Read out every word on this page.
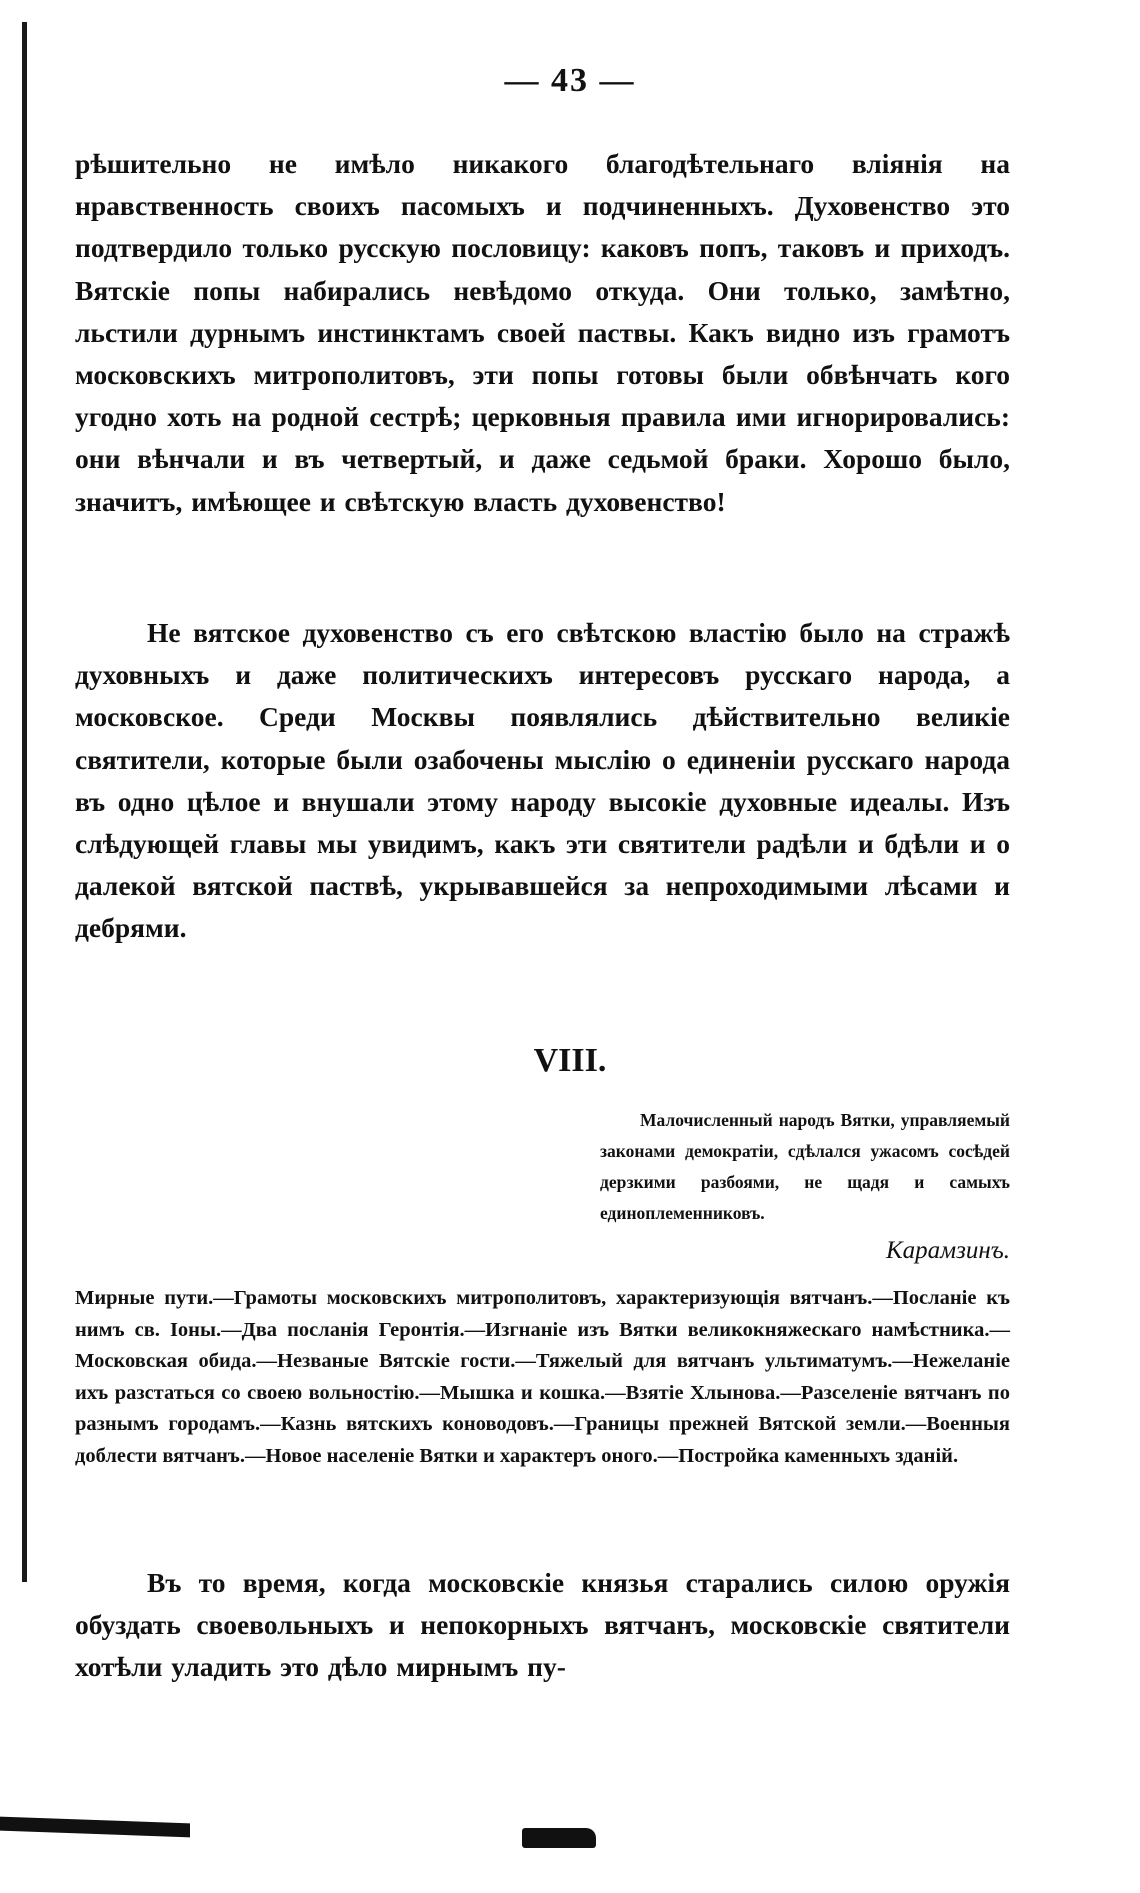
— 43 —

рѣшительно не имѣло никакого благодѣтельнаго вліянія на нравственность своихъ пасомыхъ и подчиненныхъ. Духовенство это подтвердило только русскую пословицу: каковъ попъ, таковъ и приходъ. Вятскіе попы набирались невѣдомо откуда. Они только, замѣтно, льстили дурнымъ инстинктамъ своей паствы. Какъ видно изъ грамотъ московскихъ митрополитовъ, эти попы готовы были обвѣнчать кого угодно хоть на родной сестрѣ; церковныя правила ими игнорировались: они вѣнчали и въ четвертый, и даже седьмой браки. Хорошо было, значитъ, имѣющее и свѣтскую власть духовенство!

Не вятское духовенство съ его свѣтскою властію было на стражѣ духовныхъ и даже политическихъ интересовъ русскаго народа, а московское. Среди Москвы появлялись дѣйствительно великіе святители, которые были озабочены мыслію о единеніи русскаго народа въ одно цѣлое и внушали этому народу высокіе духовные идеалы. Изъ слѣдующей главы мы увидимъ, какъ эти святители радѣли и бдѣли и о далекой вятской паствѣ, укрывавшейся за непроходимыми лѣсами и дебрями.

VIII.

Малочисленный народъ Вятки, управляемый законами демократіи, сдѣлался ужасомъ сосѣдей дерзкими разбоями, не щадя и самыхъ единоплеменниковъ.

Карамзинъ.

Мирные пути.—Грамоты московскихъ митрополитовъ, характеризующія вятчанъ.—Посланіе къ нимъ св. Іоны.—Два посланія Геронтія.—Изгнаніе изъ Вятки великокняжескаго намѣстника.—Московская обида.—Незваные Вятскіе гости.—Тяжелый для вятчанъ ультиматумъ.—Нежеланіе ихъ разстаться со своею вольностію.—Мышка и кошка.—Взятіе Хлынова.—Разселеніе вятчанъ по разнымъ городамъ.—Казнь вятскихъ коноводовъ.—Границы прежней Вятской земли.—Военныя доблести вятчанъ.—Новое населеніе Вятки и характеръ оного.—Постройка каменныхъ зданій.

Въ то время, когда московскіе князья старались силою оружія обуздать своевольныхъ и непокорныхъ вятчанъ, московскіе святители хотѣли уладить это дѣло мирнымъ пу-
